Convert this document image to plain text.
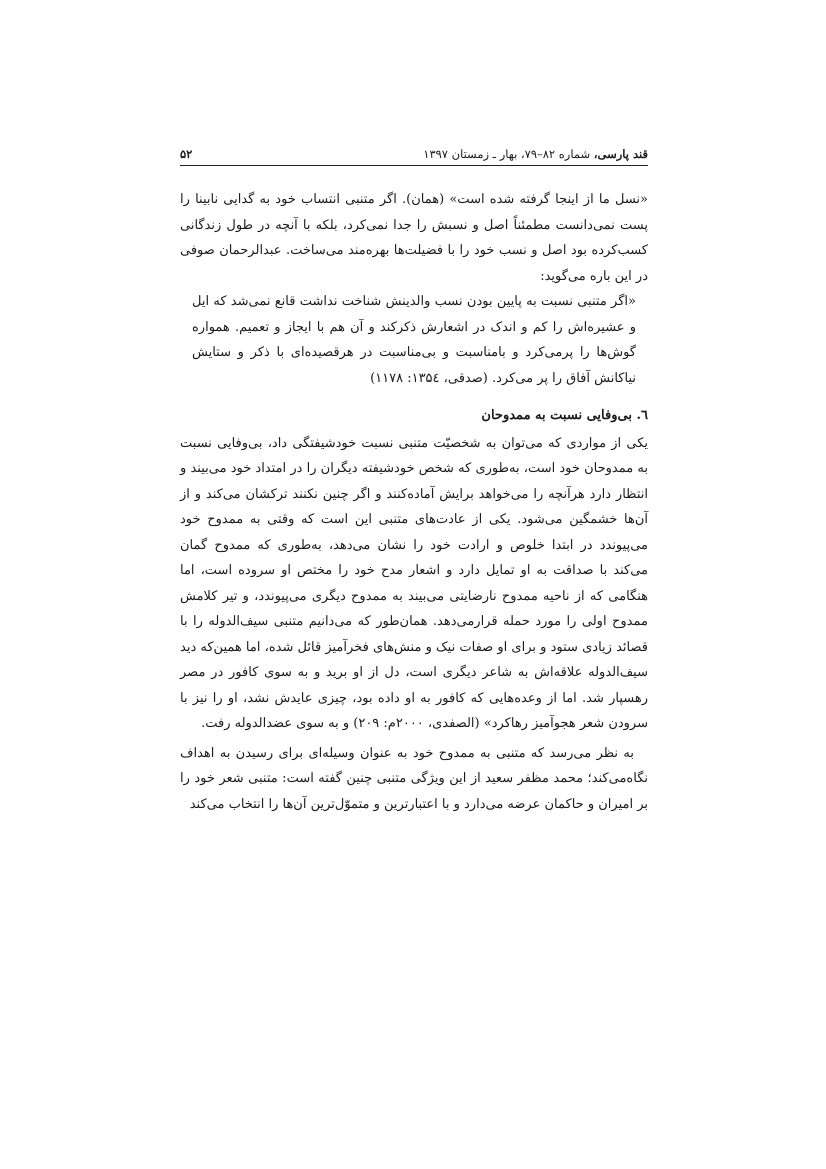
قند پارسی، شماره ۸۲–۷۹، بهار ـ زمستان ۱۳۹۷
۵۲

«نسل ما از اینجا گرفته شده است» (همان). اگر متنبی انتساب خود به گدایی نابینا را پست نمی‌دانست مطمئناً اصل و نسبش را جدا نمی‌کرد، بلکه با آنچه در طول زندگانی کسب‌کرده بود اصل و نسب خود را با فضیلت‌ها بهره‌مند می‌ساخت. عبدالرحمان صوفی در این باره می‌گوید:

«اگر متنبی نسبت به پایین بودن نسب والدینش شناخت نداشت قانع نمی‌شد که ایل و عشیره‌اش را کم و اندک در اشعارش ذکرکند و آن هم با ایجاز و تعمیم. همواره گوش‌ها را پرمی‌کرد و بامناسبت و بی‌مناسبت در هرقصیده‌ای با ذکر و ستایش نیاکانش آفاق را پر می‌کرد. (صدقی، ۱۳۵٤: ۱۱۷۸)

٦. بی‌وفایی نسبت به ممدوحان

یکی از مواردی که می‌توان به شخصیّت متنبی نسبت خودشیفتگی داد، بی‌وفایی نسبت به ممدوحان خود است، به‌طوری که شخص خودشیفته دیگران را در امتداد خود می‌بیند و انتظار دارد هرآنچه را می‌خواهد برایش آماده‌کنند و اگر چنین نکنند ترکشان می‌کند و از آن‌ها خشمگین می‌شود. یکی از عادت‌های متنبی این است که وقتی به ممدوح خود می‌پیوندد در ابتدا خلوص و ارادت خود را نشان می‌دهد، به‌طوری که ممدوح گمان می‌کند با صداقت به او تمایل دارد و اشعار مدح خود را مختص او سروده است، اما هنگامی که از ناحیه ممدوح نارضایتی می‌بیند به ممدوح دیگری می‌پیوندد، و تیر کلامش ممدوح اولی را مورد حمله قرارمی‌دهد. همان‌طور که می‌دانیم متنبی سیف‌الدوله را با قصائد زیادی ستود و برای او صفات نیک و منش‌های فخرآمیز قائل شده، اما همین‌که دید سیف‌الدوله علاقه‌اش به شاعر دیگری است، دل از او برید و به سوی کافور در مصر رهسپار شد. اما از وعده‌هایی که کافور به او داده بود، چیزی عایدش نشد، او را نیز با سرودن شعر هجوآمیز رهاکرد» (الصفدی، ۲۰۰۰م: ۲۰۹) و به سوی عضدالدوله رفت.

به نظر می‌رسد که متنبی به ممدوح خود به عنوان وسیله‌ای برای رسیدن به اهداف نگاه‌می‌کند؛ محمد مظفر سعید از این ویژگی متنبی چنین گفته است: متنبی شعر خود را بر امیران و حاکمان عرضه می‌دارد و با اعتبارترین و متموّل‌ترین آن‌ها را انتخاب می‌کند
